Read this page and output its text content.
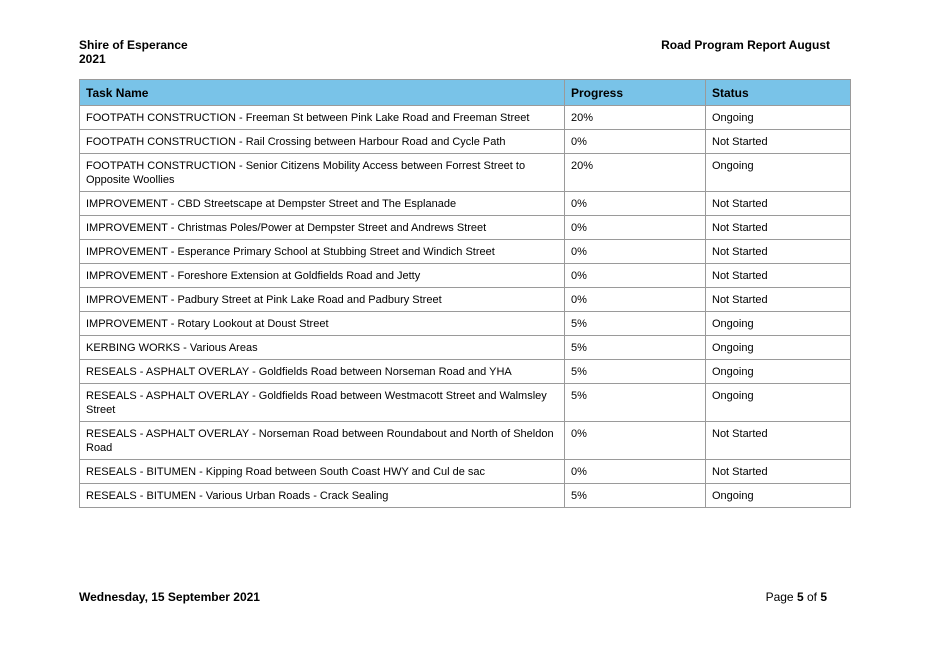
Shire of Esperance
2021
Road Program Report August
Task Name	Progress	Status
FOOTPATH CONSTRUCTION - Freeman St between Pink Lake Road and Freeman Street	20%	Ongoing
FOOTPATH CONSTRUCTION - Rail Crossing between Harbour Road and Cycle Path	0%	Not Started
FOOTPATH CONSTRUCTION - Senior Citizens Mobility Access between Forrest Street to Opposite Woollies	20%	Ongoing
IMPROVEMENT - CBD Streetscape at Dempster Street and The Esplanade	0%	Not Started
IMPROVEMENT - Christmas Poles/Power at Dempster Street and Andrews Street	0%	Not Started
IMPROVEMENT - Esperance Primary School at Stubbing Street and Windich Street	0%	Not Started
IMPROVEMENT - Foreshore Extension at Goldfields Road and Jetty	0%	Not Started
IMPROVEMENT - Padbury Street at Pink Lake Road and Padbury Street	0%	Not Started
IMPROVEMENT - Rotary Lookout at Doust Street	5%	Ongoing
KERBING WORKS - Various Areas	5%	Ongoing
RESEALS - ASPHALT OVERLAY - Goldfields Road between Norseman Road and YHA	5%	Ongoing
RESEALS - ASPHALT OVERLAY - Goldfields Road between Westmacott Street and Walmsley Street	5%	Ongoing
RESEALS - ASPHALT OVERLAY - Norseman Road between Roundabout and North of Sheldon Road	0%	Not Started
RESEALS - BITUMEN - Kipping Road between South Coast HWY and Cul de sac	0%	Not Started
RESEALS - BITUMEN - Various Urban Roads - Crack Sealing	5%	Ongoing
Wednesday, 15 September 2021	Page 5 of 5
